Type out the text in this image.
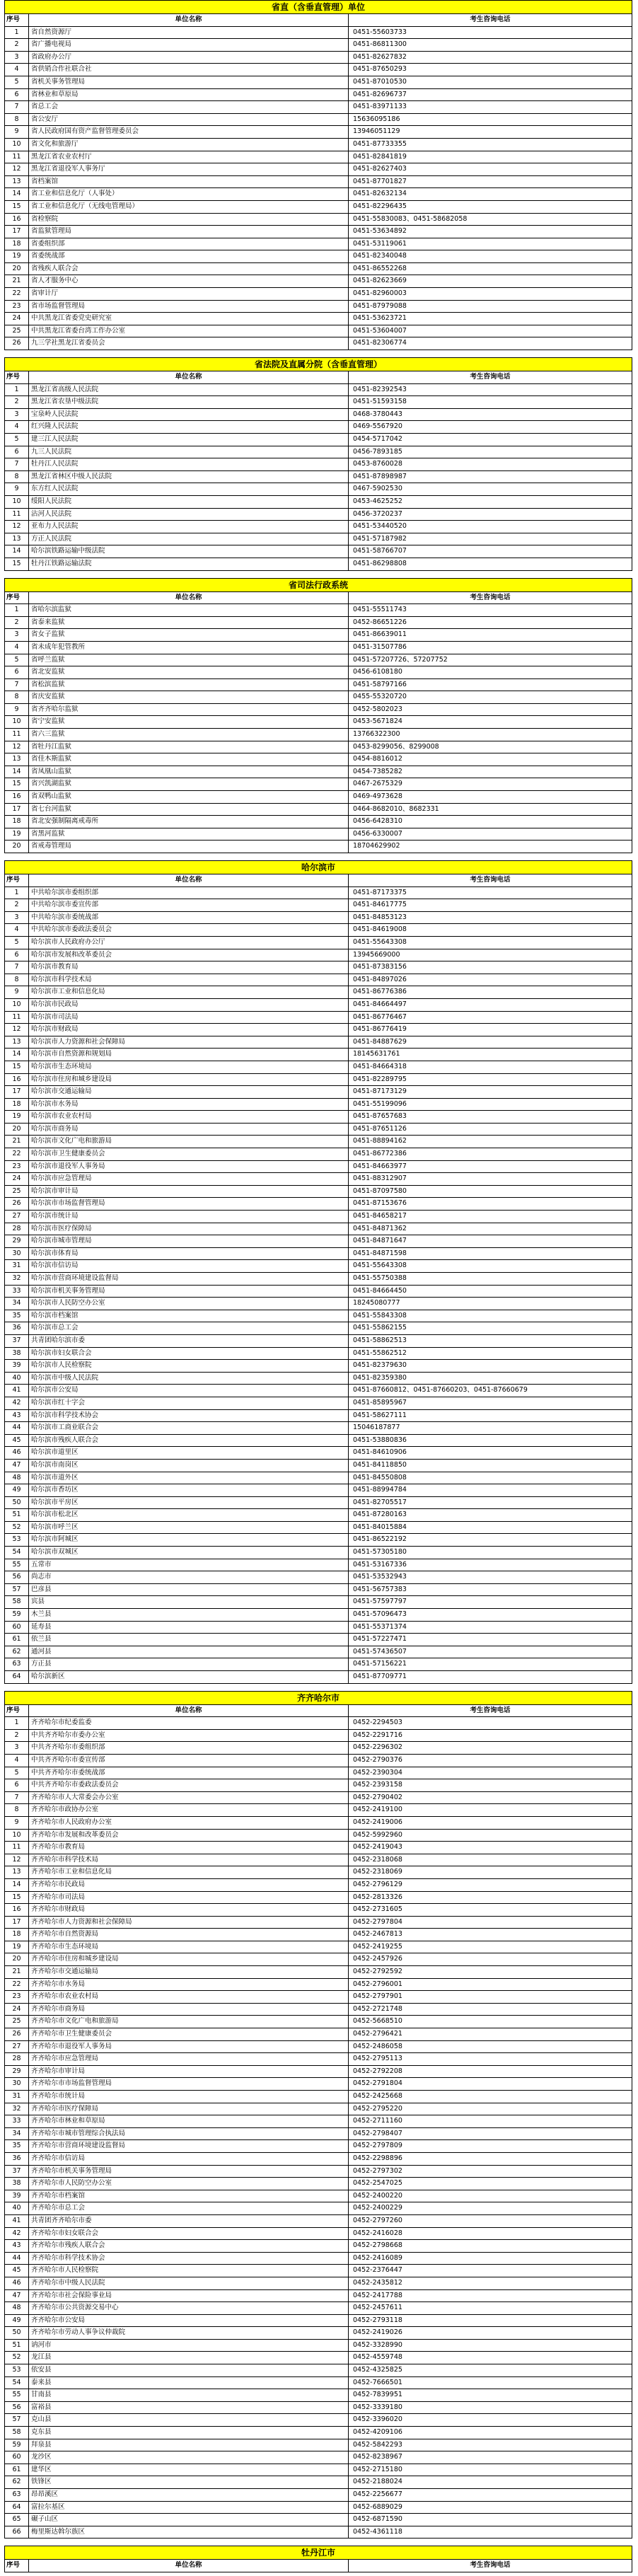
省直（含垂直管理）单位
序号	单位名称	考生咨询电话
1	省自然资源厅	0451-55603733
2	省广播电视局	0451-86811300
3	省政府办公厅	0451-82627832
4	省供销合作社联合社	0451-87650293
5	省机关事务管理局	0451-87010530
6	省林业和草原局	0451-82696737
7	省总工会	0451-83971133
8	省公安厅	15636095186
9	省人民政府国有资产监督管理委员会	13946051129
10	省文化和旅游厅	0451-87733355
11	黑龙江省农业农村厅	0451-82841819
12	黑龙江省退役军人事务厅	0451-82627403
13	省档案馆	0451-87701827
14	省工业和信息化厅（人事处）	0451-82632134
15	省工业和信息化厅（无线电管理局）	0451-82296435
16	省检察院	0451-55830083、0451-58682058
17	省监狱管理局	0451-53634892
18	省委组织部	0451-53119061
19	省委统战部	0451-82340048
20	省残疾人联合会	0451-86552268
21	省人才服务中心	0451-82623669
22	省审计厅	0451-82960003
23	省市场监督管理局	0451-87979088
24	中共黑龙江省委党史研究室	0451-53623721
25	中共黑龙江省委台湾工作办公室	0451-53604007
26	九三学社黑龙江省委员会	0451-82306774
省法院及直属分院（含垂直管理）
序号	单位名称	考生咨询电话
1	黑龙江省高级人民法院	0451-82392543
2	黑龙江省农垦中级法院	0451-51593158
3	宝泉岭人民法院	0468-3780443
4	红兴隆人民法院	0469-5567920
5	建三江人民法院	0454-5717042
6	九三人民法院	0456-7893185
7	牡丹江人民法院	0453-8760028
8	黑龙江省林区中级人民法院	0451-87898987
9	东方红人民法院	0467-5902530
10	绥阳人民法院	0453-4625252
11	沾河人民法院	0456-3720237
12	亚布力人民法院	0451-53440520
13	方正人民法院	0451-57187982
14	哈尔滨铁路运输中级法院	0451-58766707
15	牡丹江铁路运输法院	0451-86298808
省司法行政系统
序号	单位名称	考生咨询电话
1	省哈尔滨监狱	0451-55511743
2	省泰来监狱	0452-86651226
3	省女子监狱	0451-86639011
4	省未成年犯管教所	0451-31507786
5	省呼兰监狱	0451-57207726、57207752
6	省北安监狱	0456-6108180
7	省松滨监狱	0451-58797166
8	省庆安监狱	0455-55320720
9	省齐齐哈尔监狱	0452-5802023
10	省宁安监狱	0453-5671824
11	省六三监狱	13766322300
12	省牡丹江监狱	0453-8299056、8299008
13	省佳木斯监狱	0454-8816012
14	省凤凰山监狱	0454-7385282
15	省兴凯湖监狱	0467-2675329
16	省双鸭山监狱	0469-4973628
17	省七台河监狱	0464-8682010、8682331
18	省北安强制隔离戒毒所	0456-6428310
19	省黑河监狱	0456-6330007
20	省戒毒管理局	18704629902
哈尔滨市
序号	单位名称	考生咨询电话
1	中共哈尔滨市委组织部	0451-87173375
2	中共哈尔滨市委宣传部	0451-84617775
3	中共哈尔滨市委统战部	0451-84853123
4	中共哈尔滨市委政法委员会	0451-84619008
5	哈尔滨市人民政府办公厅	0451-55643308
6	哈尔滨市发展和改革委员会	13945669000
7	哈尔滨市教育局	0451-87383156
8	哈尔滨市科学技术局	0451-84897026
9	哈尔滨市工业和信息化局	0451-86776386
10	哈尔滨市民政局	0451-84664497
11	哈尔滨市司法局	0451-86776467
12	哈尔滨市财政局	0451-86776419
13	哈尔滨市人力资源和社会保障局	0451-84887629
14	哈尔滨市自然资源和规划局	18145631761
15	哈尔滨市生态环境局	0451-84664318
16	哈尔滨市住房和城乡建设局	0451-82289795
17	哈尔滨市交通运输局	0451-87173129
18	哈尔滨市水务局	0451-55199096
19	哈尔滨市农业农村局	0451-87657683
20	哈尔滨市商务局	0451-87651126
21	哈尔滨市文化广电和旅游局	0451-88894162
22	哈尔滨市卫生健康委员会	0451-86772386
23	哈尔滨市退役军人事务局	0451-84663977
24	哈尔滨市应急管理局	0451-88312907
25	哈尔滨市审计局	0451-87097580
26	哈尔滨市市场监督管理局	0451-87153676
27	哈尔滨市统计局	0451-84658217
28	哈尔滨市医疗保障局	0451-84871362
29	哈尔滨市城市管理局	0451-84871647
30	哈尔滨市体育局	0451-84871598
31	哈尔滨市信访局	0451-55643308
32	哈尔滨市营商环境建设监督局	0451-55750388
33	哈尔滨市机关事务管理局	0451-84664450
34	哈尔滨市人民防空办公室	18245080777
35	哈尔滨市档案馆	0451-55843308
36	哈尔滨市总工会	0451-55862155
37	共青团哈尔滨市委	0451-58862513
38	哈尔滨市妇女联合会	0451-55862512
39	哈尔滨市人民检察院	0451-82379630
40	哈尔滨市中级人民法院	0451-82359380
41	哈尔滨市公安局	0451-87660812、0451-87660203、0451-87660679
42	哈尔滨市红十字会	0451-85895967
43	哈尔滨市科学技术协会	0451-58627111
44	哈尔滨市工商业联合会	15046187877
45	哈尔滨市残疾人联合会	0451-53880836
46	哈尔滨市道里区	0451-84610906
47	哈尔滨市南岗区	0451-84118850
48	哈尔滨市道外区	0451-84550808
49	哈尔滨市香坊区	0451-88994784
50	哈尔滨市平房区	0451-82705517
51	哈尔滨市松北区	0451-87280163
52	哈尔滨市呼兰区	0451-84015884
53	哈尔滨市阿城区	0451-86522192
54	哈尔滨市双城区	0451-57305180
55	五常市	0451-53167336
56	尚志市	0451-53532943
57	巴彦县	0451-56757383
58	宾县	0451-57597797
59	木兰县	0451-57096473
60	延寿县	0451-55371374
61	依兰县	0451-57227471
62	通河县	0451-57436507
63	方正县	0451-57156221
64	哈尔滨新区	0451-87709771
齐齐哈尔市
序号	单位名称	考生咨询电话
1	齐齐哈尔市纪委监委	0452-2294503
2	中共齐齐哈尔市委办公室	0452-2291716
3	中共齐齐哈尔市委组织部	0452-2296302
4	中共齐齐哈尔市委宣传部	0452-2790376
5	中共齐齐哈尔市委统战部	0452-2390304
6	中共齐齐哈尔市委政法委员会	0452-2393158
7	齐齐哈尔市人大常委会办公室	0452-2790402
8	齐齐哈尔市政协办公室	0452-2419100
9	齐齐哈尔市人民政府办公室	0452-2419006
10	齐齐哈尔市发展和改革委员会	0452-5992960
11	齐齐哈尔市教育局	0452-2419043
12	齐齐哈尔市科学技术局	0452-2318068
13	齐齐哈尔市工业和信息化局	0452-2318069
14	齐齐哈尔市民政局	0452-2796129
15	齐齐哈尔市司法局	0452-2813326
16	齐齐哈尔市财政局	0452-2731605
17	齐齐哈尔市人力资源和社会保障局	0452-2797804
18	齐齐哈尔市自然资源局	0452-2467813
19	齐齐哈尔市生态环境局	0452-2419255
20	齐齐哈尔市住房和城乡建设局	0452-2457926
21	齐齐哈尔市交通运输局	0452-2792592
22	齐齐哈尔市水务局	0452-2796001
23	齐齐哈尔市农业农村局	0452-2797901
24	齐齐哈尔市商务局	0452-2721748
25	齐齐哈尔市文化广电和旅游局	0452-5668510
26	齐齐哈尔市卫生健康委员会	0452-2796421
27	齐齐哈尔市退役军人事务局	0452-2486058
28	齐齐哈尔市应急管理局	0452-2795113
29	齐齐哈尔市审计局	0452-2792208
30	齐齐哈尔市市场监督管理局	0452-2791804
31	齐齐哈尔市统计局	0452-2425668
32	齐齐哈尔市医疗保障局	0452-2795220
33	齐齐哈尔市林业和草原局	0452-2711160
34	齐齐哈尔市城市管理综合执法局	0452-2798407
35	齐齐哈尔市营商环境建设监督局	0452-2797809
36	齐齐哈尔市信访局	0452-2298896
37	齐齐哈尔市机关事务管理局	0452-2797302
38	齐齐哈尔市人民防空办公室	0452-2547025
39	齐齐哈尔市档案馆	0452-2400220
40	齐齐哈尔市总工会	0452-2400229
41	共青团齐齐哈尔市委	0452-2797260
42	齐齐哈尔市妇女联合会	0452-2416028
43	齐齐哈尔市残疾人联合会	0452-2798668
44	齐齐哈尔市科学技术协会	0452-2416089
45	齐齐哈尔市人民检察院	0452-2376447
46	齐齐哈尔市中级人民法院	0452-2435812
47	齐齐哈尔市社会保险事业局	0452-2417788
48	齐齐哈尔市公共资源交易中心	0452-2457611
49	齐齐哈尔市公安局	0452-2793118
50	齐齐哈尔市劳动人事争议仲裁院	0452-2419026
51	讷河市	0452-3328990
52	龙江县	0452-4559748
53	依安县	0452-4325825
54	泰来县	0452-7666501
55	甘南县	0452-7839951
56	富裕县	0452-3339180
57	克山县	0452-3396020
58	克东县	0452-4209106
59	拜泉县	0452-5842293
60	龙沙区	0452-8238967
61	建华区	0452-2715180
62	铁锋区	0452-2188024
63	昂昂溪区	0452-2256677
64	富拉尔基区	0452-6889029
65	碾子山区	0452-6871590
66	梅里斯达斡尔族区	0452-4361118
牡丹江市
序号	单位名称	考生咨询电话
